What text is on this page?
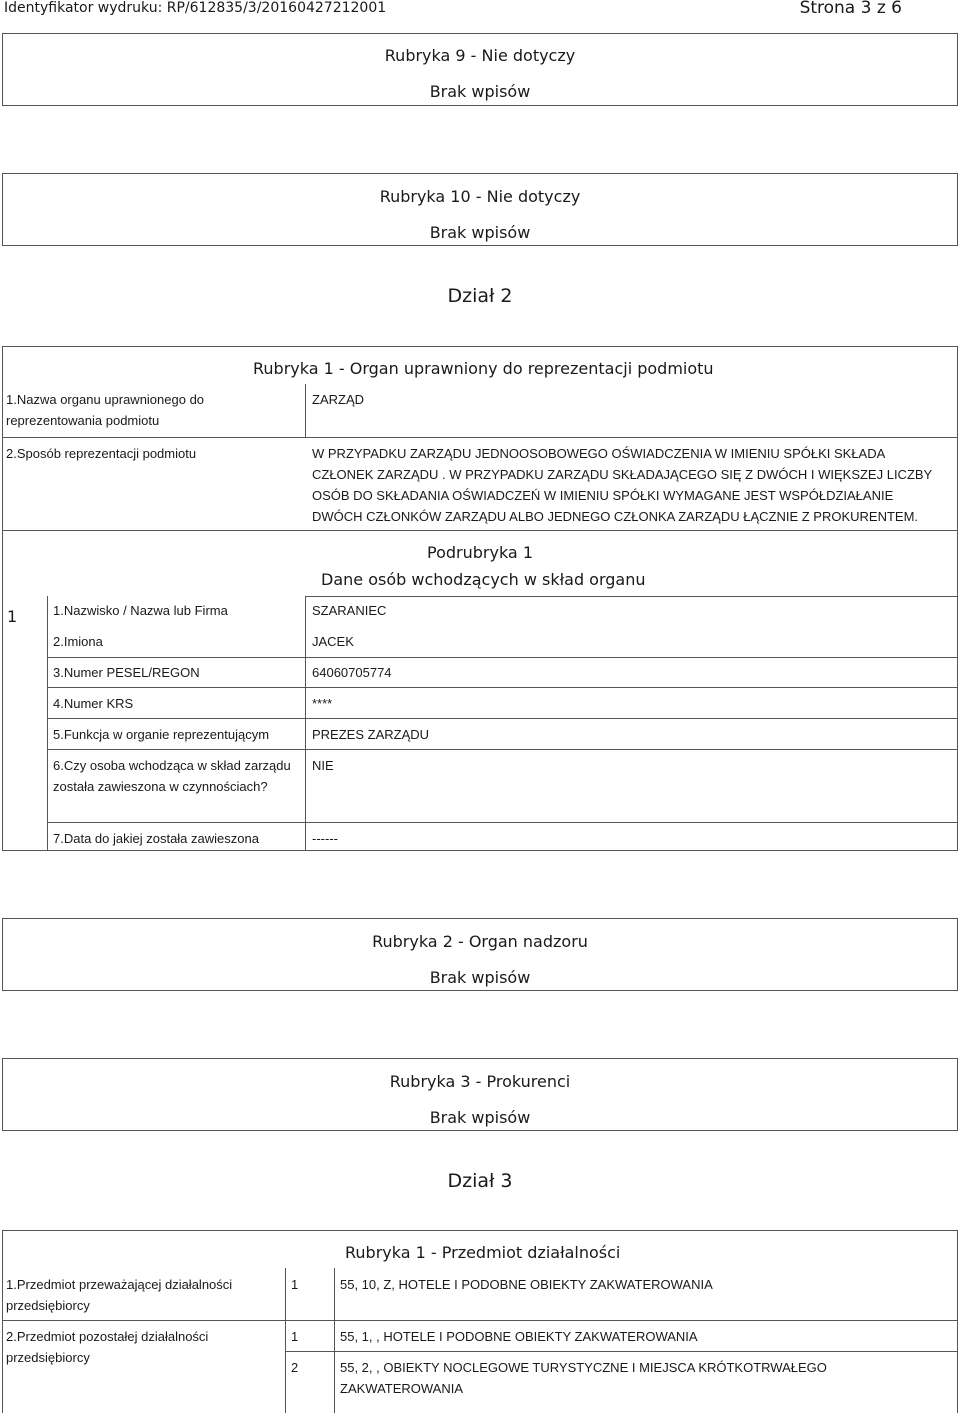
Identyfikator wydruku: RP/612835/3/20160427212001	Strona 3 z 6
Rubryka 9 - Nie dotyczy
Brak wpisów
Rubryka 10 - Nie dotyczy
Brak wpisów
Dział 2
Rubryka 1 - Organ uprawniony do reprezentacji podmiotu
1.Nazwa organu uprawnionego do reprezentowania podmiotu
ZARZĄD
2.Sposób reprezentacji podmiotu	W PRZYPADKU ZARZĄDU JEDNOOSOBOWEGO OŚWIADCZENIA W IMIENIU SPÓŁKI SKŁADA CZŁONEK ZARZĄDU . W PRZYPADKU ZARZĄDU SKŁADAJĄCEGO SIĘ Z DWÓCH I WIĘKSZEJ LICZBY OSÓB DO SKŁADANIA OŚWIADCZEŃ W IMIENIU SPÓŁKI WYMAGANE JEST WSPÓŁDZIAŁANIE DWÓCH CZŁONKÓW ZARZĄDU ALBO JEDNEGO CZŁONKA ZARZĄDU ŁĄCZNIE Z PROKURENTEM.
Podrubryka 1
Dane osób wchodzących w skład organu
1	1.Nazwisko / Nazwa lub Firma	SZARANIEC
2.Imiona	JACEK
3.Numer PESEL/REGON	64060705774
4.Numer KRS	****
5.Funkcja w organie reprezentującym	PREZES ZARZĄDU
6.Czy osoba wchodząca w skład zarządu została zawieszona w czynnościach?
NIE
7.Data do jakiej została zawieszona	------
Rubryka 2 - Organ nadzoru
Brak wpisów
Rubryka 3 - Prokurenci
Brak wpisów
Dział 3
Rubryka 1 - Przedmiot działalności
1.Przedmiot przeważającej działalności przedsiębiorcy
1	55, 10, Z, HOTELE I PODOBNE OBIEKTY ZAKWATEROWANIA
2.Przedmiot pozostałej działalności przedsiębiorcy
1	55, 1, , HOTELE I PODOBNE OBIEKTY ZAKWATEROWANIA
2	55, 2, , OBIEKTY NOCLEGOWE TURYSTYCZNE I MIEJSCA KRÓTKOTRWAŁEGO ZAKWATEROWANIA
